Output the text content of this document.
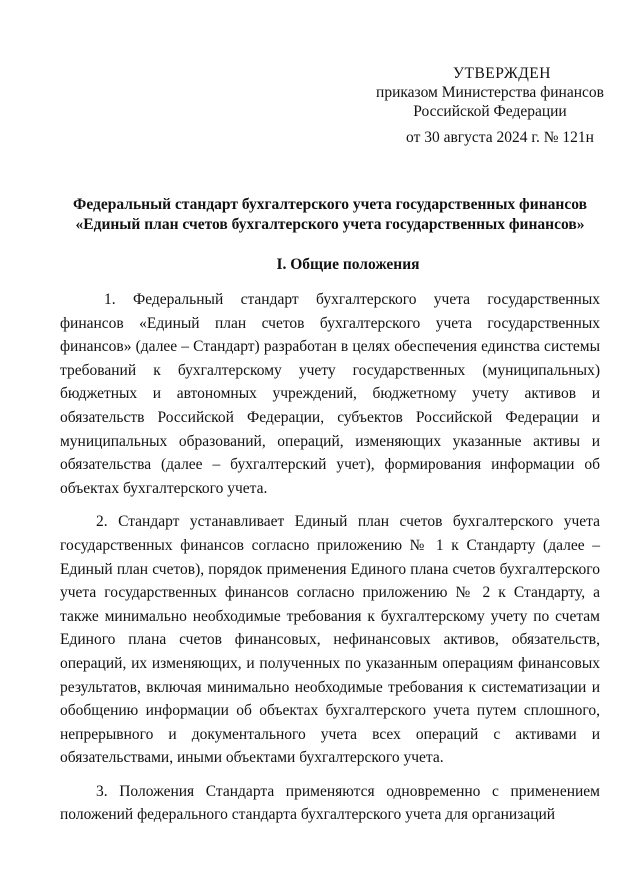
УТВЕРЖДЕН
приказом Министерства финансов
Российской Федерации
от 30 августа 2024 г. № 121н
Федеральный стандарт бухгалтерского учета государственных финансов
«Единый план счетов бухгалтерского учета государственных финансов»
I. Общие положения

1. Федеральный стандарт бухгалтерского учета государственных финансов «Единый план счетов бухгалтерского учета государственных финансов» (далее – Стандарт) разработан в целях обеспечения единства системы требований к бухгалтерскому учету государственных (муниципальных) бюджетных и автономных учреждений, бюджетному учету активов и обязательств Российской Федерации, субъектов Российской Федерации и муниципальных образований, операций, изменяющих указанные активы и обязательства (далее – бухгалтерский учет), формирования информации об объектах бухгалтерского учета.

2. Стандарт устанавливает Единый план счетов бухгалтерского учета государственных финансов согласно приложению № 1 к Стандарту (далее – Единый план счетов), порядок применения Единого плана счетов бухгалтерского учета государственных финансов согласно приложению № 2 к Стандарту, а также минимально необходимые требования к бухгалтерскому учету по счетам Единого плана счетов финансовых, нефинансовых активов, обязательств, операций, их изменяющих, и полученных по указанным операциям финансовых результатов, включая минимально необходимые требования к систематизации и обобщению информации об объектах бухгалтерского учета путем сплошного, непрерывного и документального учета всех операций с активами и обязательствами, иными объектами бухгалтерского учета.

3. Положения Стандарта применяются одновременно с применением положений федерального стандарта бухгалтерского учета для организаций
